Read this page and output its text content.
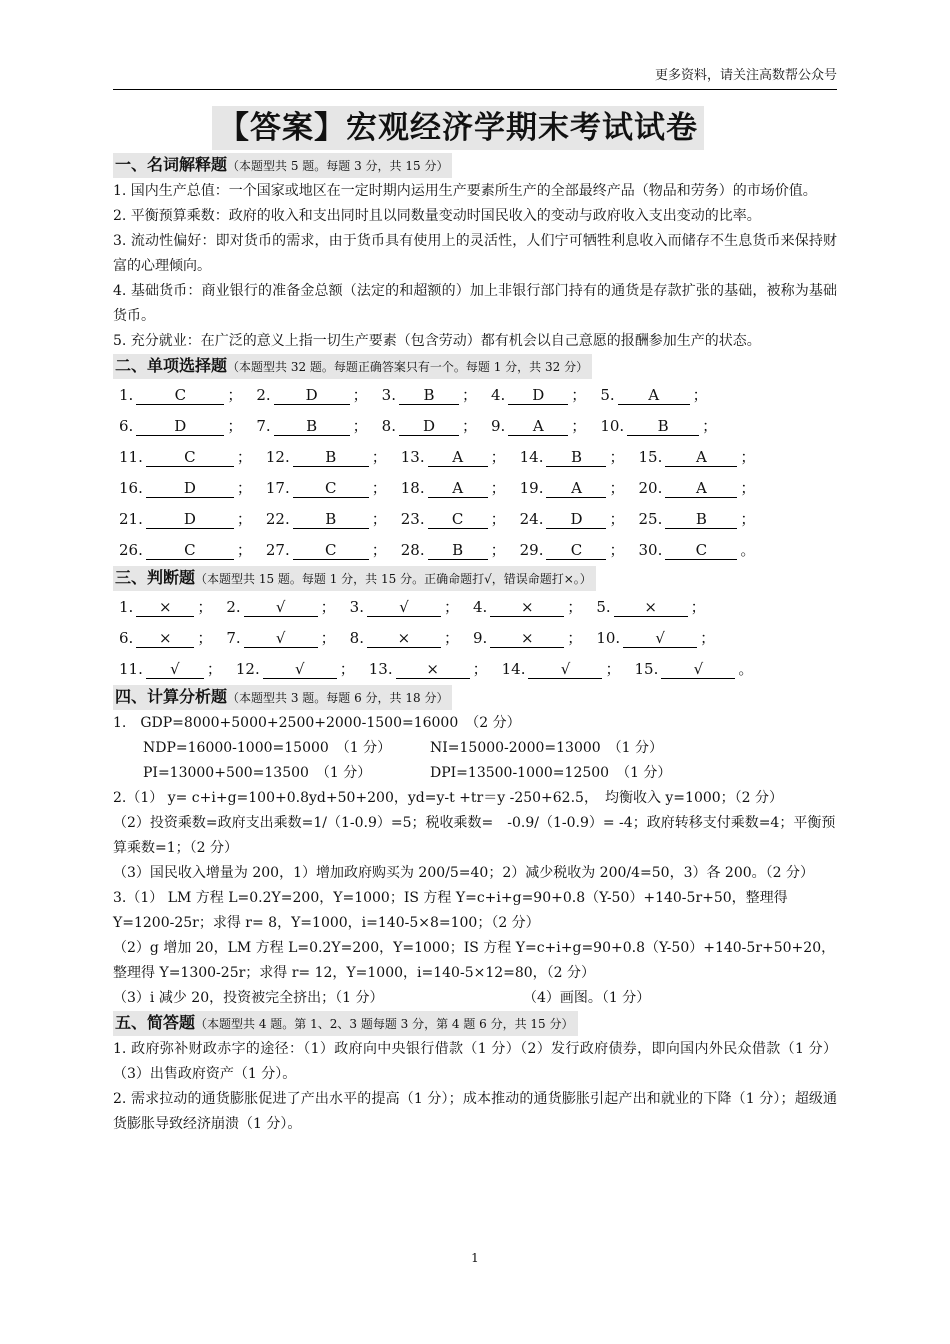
更多资料，请关注高数帮公众号
【答案】宏观经济学期末考试试卷
一、名词解释题（本题型共 5 题。每题 3 分，共 15 分）

1. 国内生产总值：一个国家或地区在一定时期内运用生产要素所生产的全部最终产品（物品和劳务）的市场价值。

2. 平衡预算乘数：政府的收入和支出同时且以同数量变动时国民收入的变动与政府收入支出变动的比率。

3. 流动性偏好：即对货币的需求，由于货币具有使用上的灵活性，人们宁可牺牲利息收入而储存不生息货币来保持财富的心理倾向。

4. 基础货币：商业银行的准备金总额（法定的和超额的）加上非银行部门持有的通货是存款扩张的基础，被称为基础货币。

5. 充分就业：在广泛的意义上指一切生产要素（包含劳动）都有机会以自己意愿的报酬参加生产的状态。

二、单项选择题（本题型共 32 题。每题正确答案只有一个。每题 1 分，共 32 分）
1.	C	； 2.	D	； 3.	B	； 4.	D	； 5.	A	；
6.	D	； 7.	B	； 8.	D	； 9.	A	； 10.	B	；
11.	C	； 12.	B	； 13.	A	； 14.	B	； 15.	A	；
16.	D	； 17.	C	； 18.	A	； 19.	A	； 20.	A	；
21.	D	； 22.	B	； 23.	C	； 24.	D	； 25.	B	；
26.	C	； 27.	C	； 28.	B	； 29.	C	； 30.	C	。
三、判断题（本题型共 15 题。每题 1 分，共 15 分。正确命题打√，错误命题打×。）
1.	×	； 2.	√	； 3.	√	； 4.	×	； 5.	×	；
6.	×	； 7.	√	； 8.	×	； 9.	×	； 10.	√	；
11.	√	； 12.	√	； 13.	×	； 14.	√	； 15.	√	。
四、计算分析题（本题型共 3 题。每题 6 分，共 18 分）

1.　GDP=8000+5000+2500+2000-1500=16000　（2 分）

NDP=16000-1000=15000　（1 分）	NI=15000-2000=13000　（1 分）

PI=13000+500=13500　（1 分）	DPI=13500-1000=12500　（1 分）

2.（1） y= c+i+g=100+0.8yd+50+200，yd=y-t +tr＝y -250+62.5，　均衡收入 y=1000；（2 分）

（2）投资乘数=政府支出乘数=1/（1-0.9）=5；税收乘数=　-0.9/（1-0.9）= -4；政府转移支付乘数=4；平衡预算乘数=1；（2 分）

（3）国民收入增量为 200，1）增加政府购买为 200/5=40；2）减少税收为 200/4=50，3）各 200。（2 分）

3.（1） LM 方程 L=0.2Y=200，Y=1000；IS 方程 Y=c+i+g=90+0.8（Y-50）+140-5r+50，整理得 Y=1200-25r；求得 r= 8，Y=1000，i=140-5×8=100；（2 分）

（2）g 增加 20，LM 方程 L=0.2Y=200，Y=1000；IS 方程 Y=c+i+g=90+0.8（Y-50）+140-5r+50+20，整理得 Y=1300-25r；求得 r= 12，Y=1000，i=140-5×12=80，（2 分）

（3）i 减少 20，投资被完全挤出；（1 分）	（4）画图。（1 分）

五、简答题（本题型共 4 题。第 1、2、3 题每题 3 分，第 4 题 6 分，共 15 分）

1. 政府弥补财政赤字的途径：（1）政府向中央银行借款（1 分）（2）发行政府债券，即向国内外民众借款（1 分）（3）出售政府资产（1 分）。

2. 需求拉动的通货膨胀促进了产出水平的提高（1 分）；成本推动的通货膨胀引起产出和就业的下降（1 分）；超级通货膨胀导致经济崩溃（1 分）。

1
